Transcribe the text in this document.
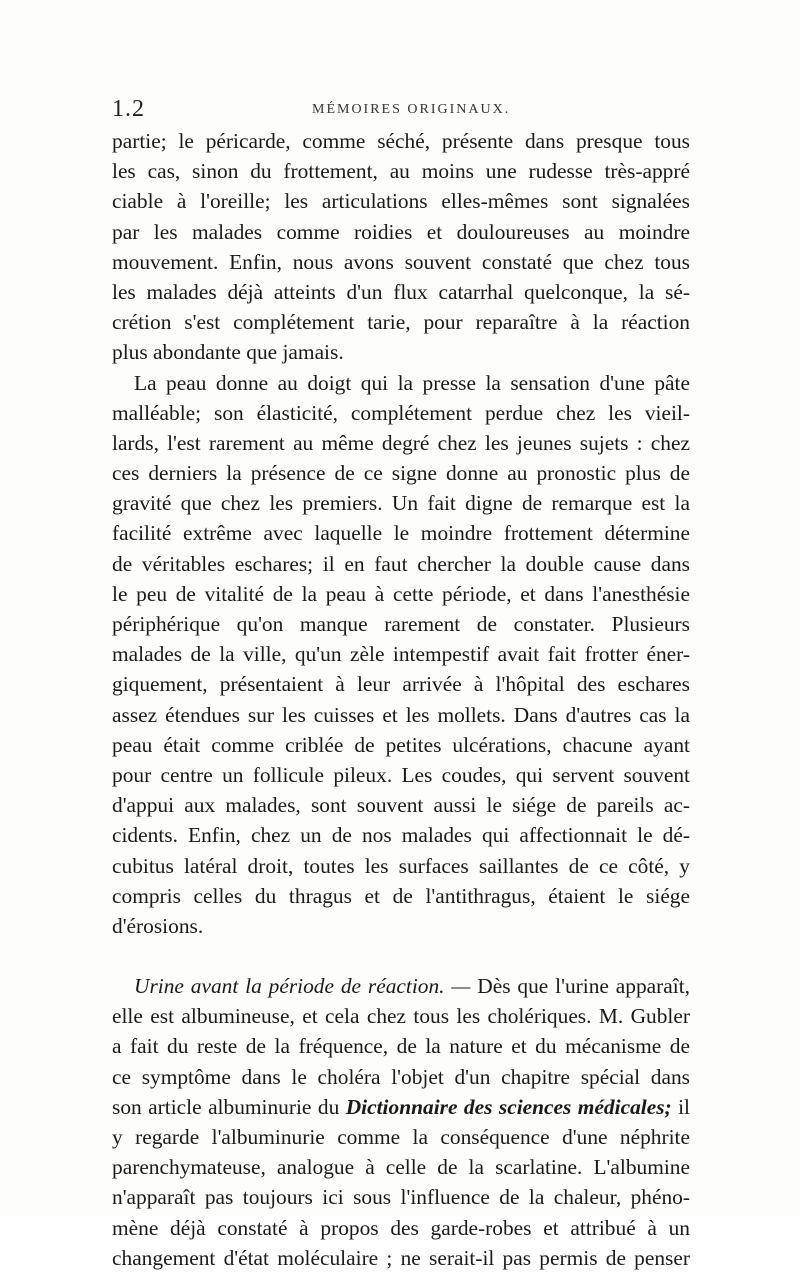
1.2	MÉMOIRES ORIGINAUX.
partie; le péricarde, comme séché, présente dans presque tous
les cas, sinon du frottement, au moins une rudesse très-appré
ciable à l'oreille; les articulations elles-mêmes sont signalées
par les malades comme roidies et douloureuses au moindre
mouvement. Enfin, nous avons souvent constaté que chez tous
les malades déjà atteints d'un flux catarrhal quelconque, la sé-
crétion s'est complétement tarie, pour reparaître à la réaction
plus abondante que jamais.
La peau donne au doigt qui la presse la sensation d'une pâte
malléable; son élasticité, complétement perdue chez les vieil-
lards, l'est rarement au même degré chez les jeunes sujets : chez
ces derniers la présence de ce signe donne au pronostic plus de
gravité que chez les premiers. Un fait digne de remarque est la
facilité extrême avec laquelle le moindre frottement détermine
de véritables eschares; il en faut chercher la double cause dans
le peu de vitalité de la peau à cette période, et dans l'anesthésie
périphérique qu'on manque rarement de constater. Plusieurs
malades de la ville, qu'un zèle intempestif avait fait frotter éner-
giquement, présentaient à leur arrivée à l'hôpital des eschares
assez étendues sur les cuisses et les mollets. Dans d'autres cas la
peau était comme criblée de petites ulcérations, chacune ayant
pour centre un follicule pileux. Les coudes, qui servent souvent
d'appui aux malades, sont souvent aussi le siége de pareils ac-
cidents. Enfin, chez un de nos malades qui affectionnait le dé-
cubitus latéral droit, toutes les surfaces saillantes de ce côté, y
compris celles du thragus et de l'antithragus, étaient le siége
d'érosions.
Urine avant la période de réaction. — Dès que l'urine apparaît,
elle est albumineuse, et cela chez tous les cholériques. M. Gubler
a fait du reste de la fréquence, de la nature et du mécanisme de
ce symptôme dans le choléra l'objet d'un chapitre spécial dans
son article albuminurie du Dictionnaire des sciences médicales; il
y regarde l'albuminurie comme la conséquence d'une néphrite
parenchymateuse, analogue à celle de la scarlatine. L'albumine
n'apparaît pas toujours ici sous l'influence de la chaleur, phéno-
mène déjà constaté à propos des garde-robes et attribué à un
changement d'état moléculaire ; ne serait-il pas permis de penser
